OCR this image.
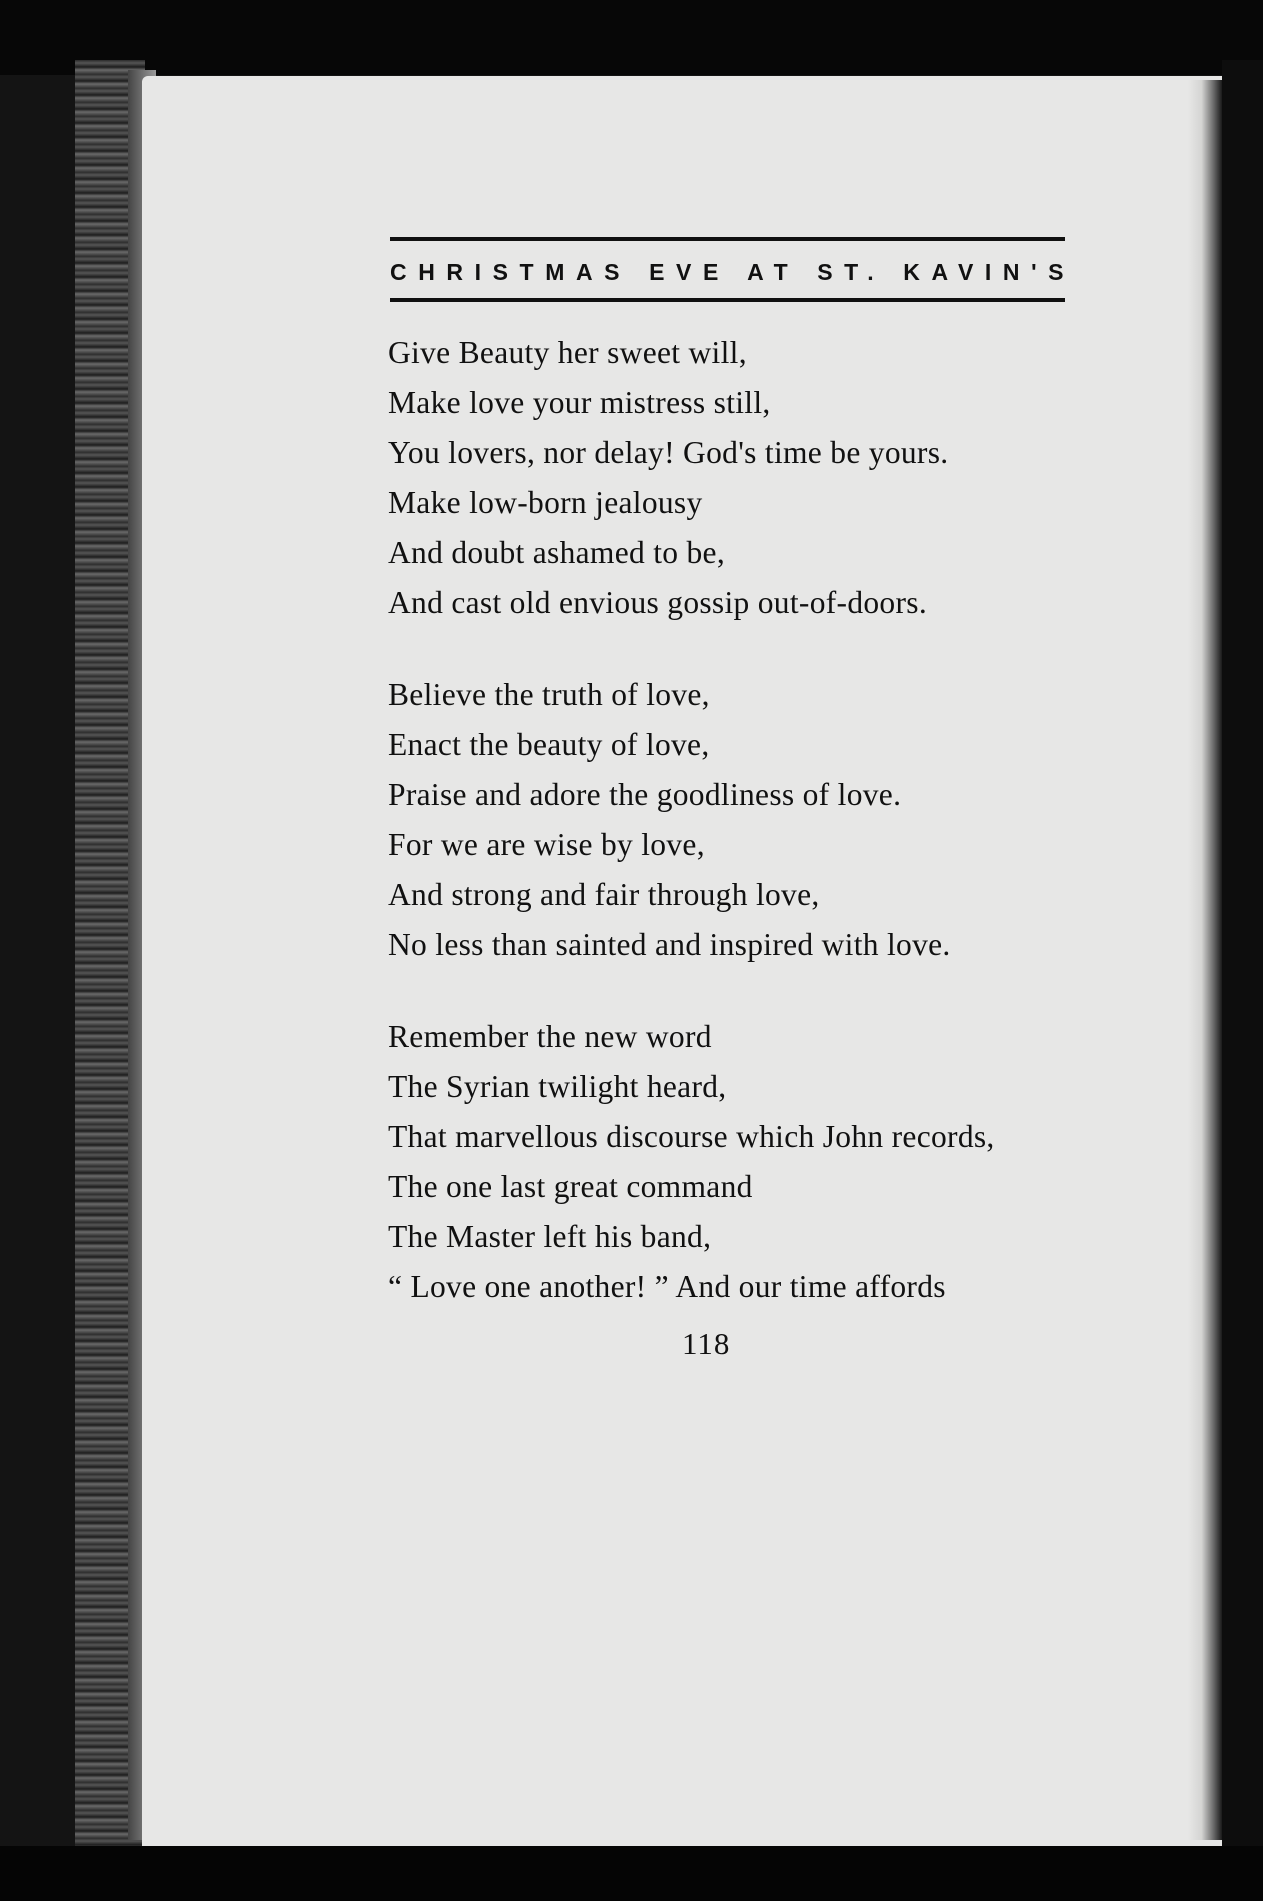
CHRISTMAS EVE AT ST. KAVIN'S
Give Beauty her sweet will,
Make love your mistress still,
You lovers, nor delay! God's time be yours.
Make low-born jealousy
And doubt ashamed to be,
And cast old envious gossip out-of-doors.
Believe the truth of love,
Enact the beauty of love,
Praise and adore the goodliness of love.
For we are wise by love,
And strong and fair through love,
No less than sainted and inspired with love.
Remember the new word
The Syrian twilight heard,
That marvellous discourse which John records,
The one last great command
The Master left his band,
“ Love one another! ” And our time affords
118
